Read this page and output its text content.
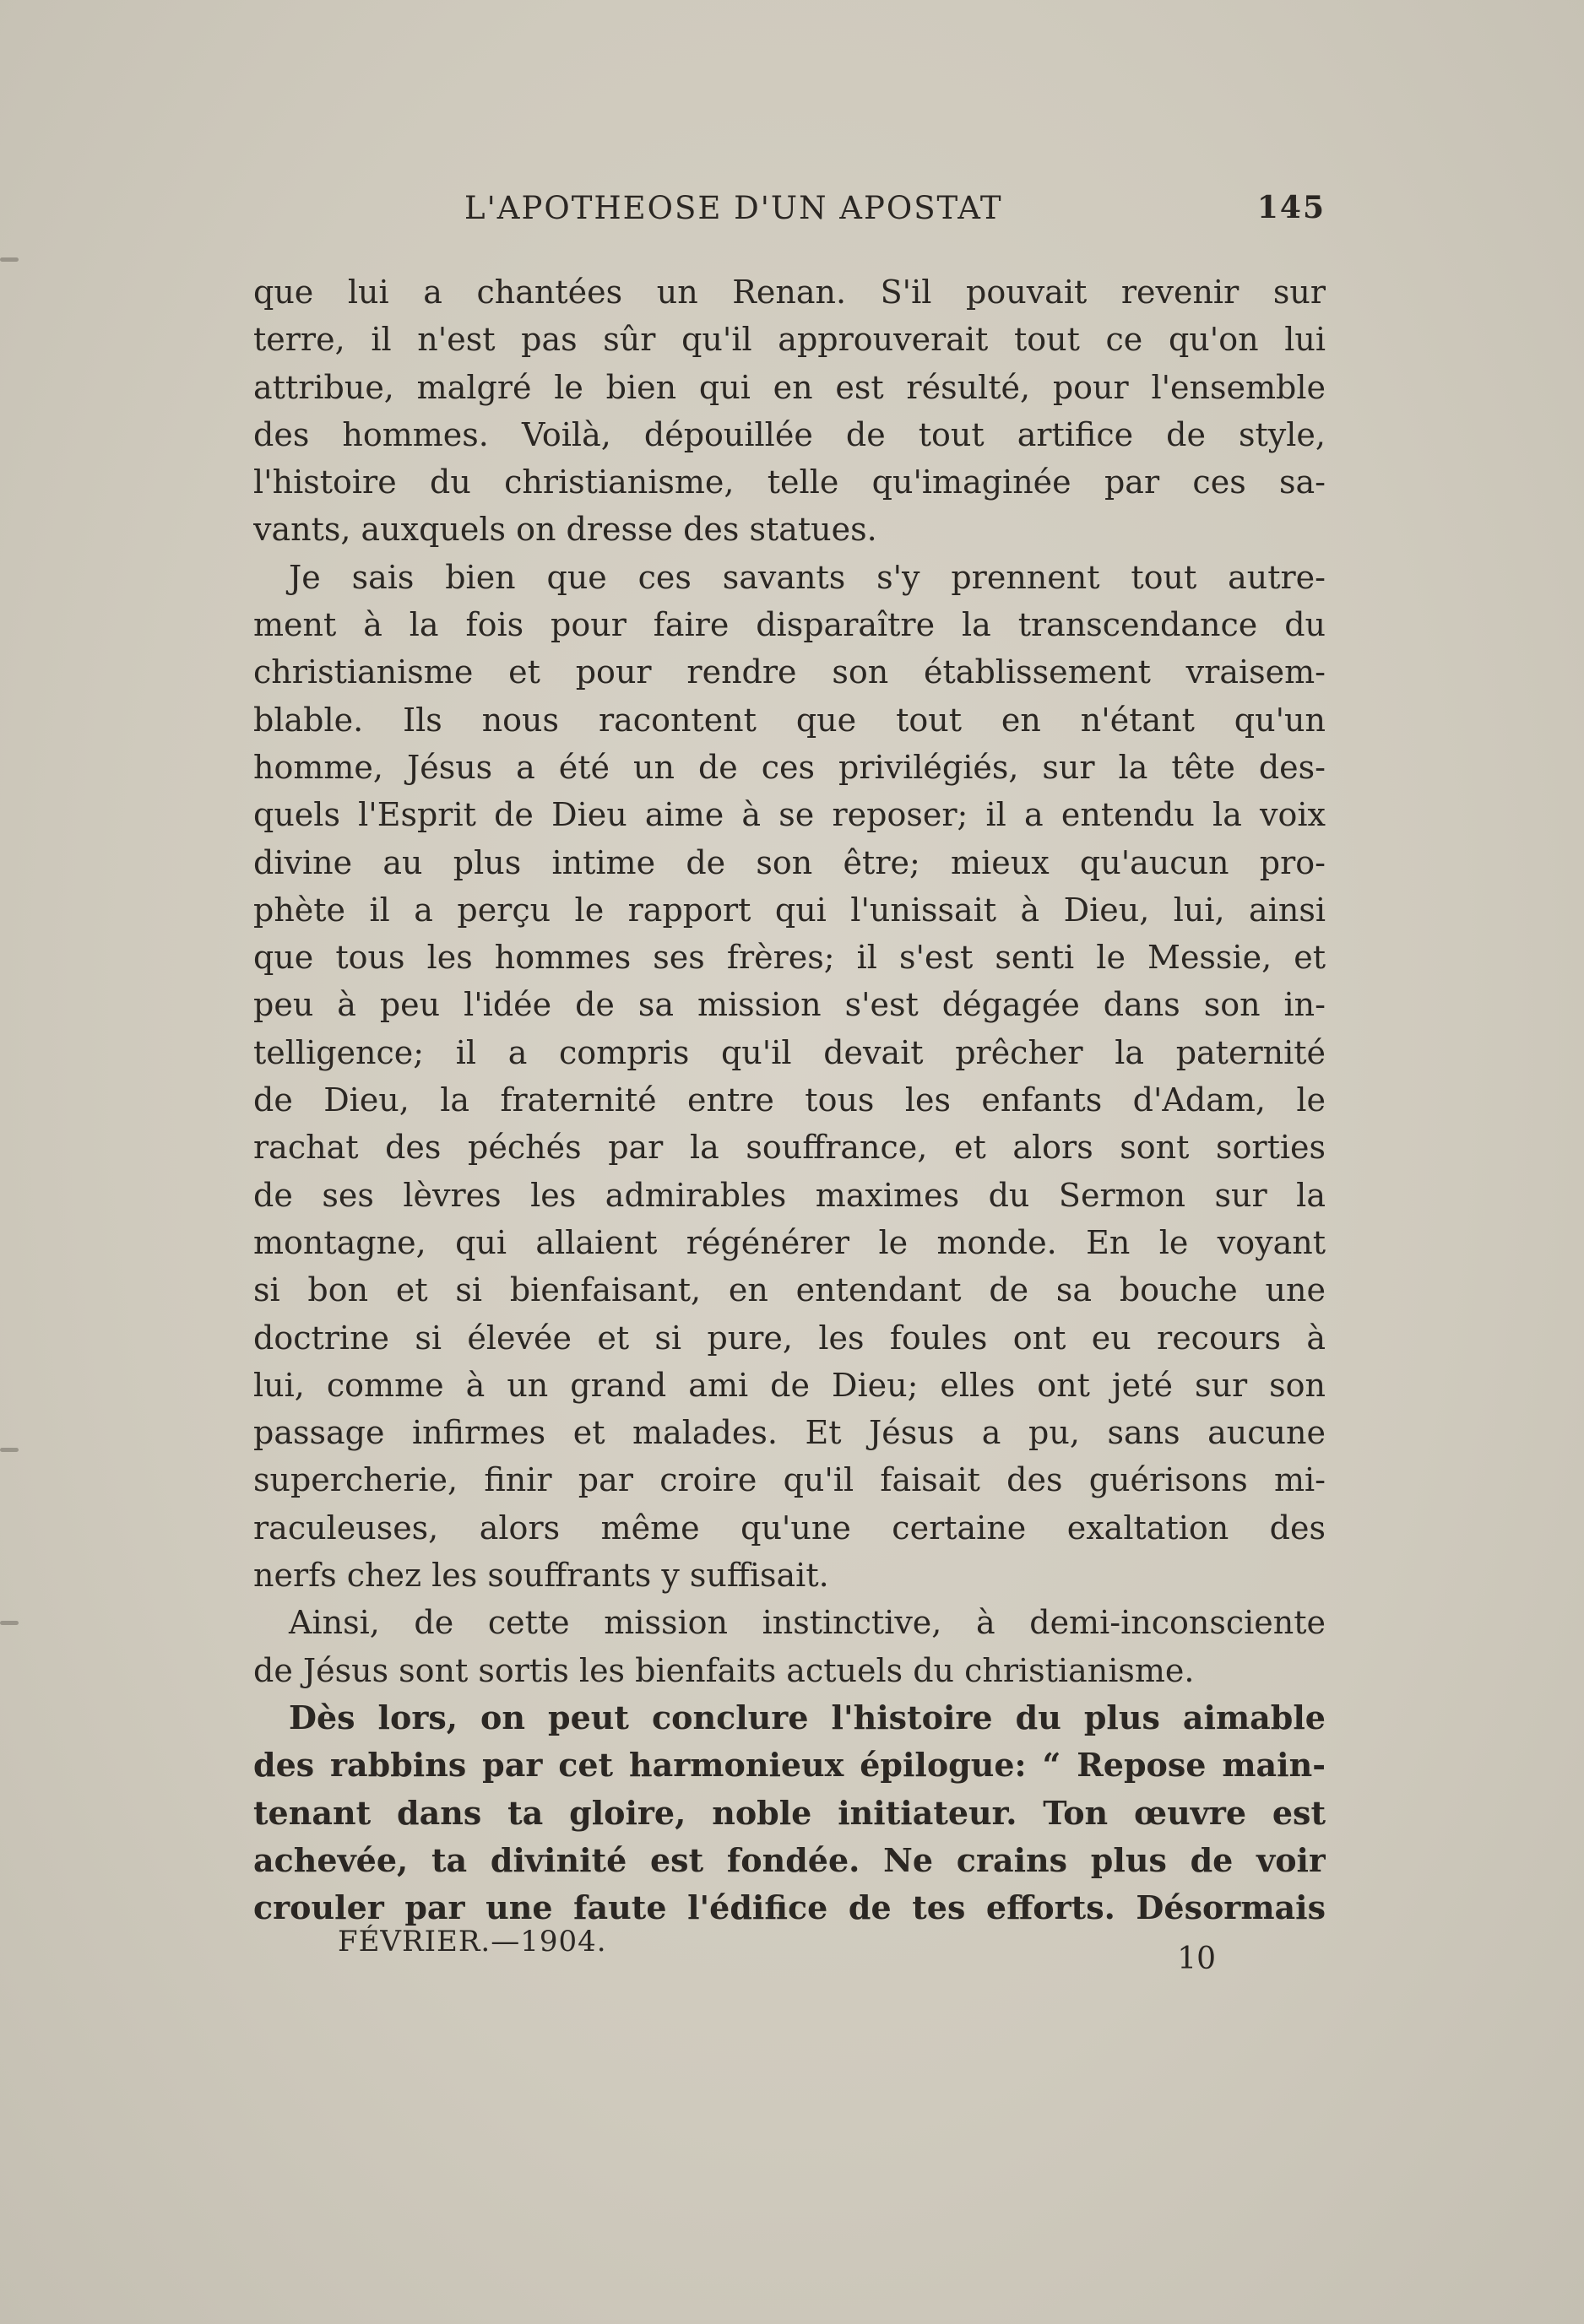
L'APOTHEOSE D'UN APOSTAT	145
que lui a chantées un Renan. S'il pouvait revenir sur
terre, il n'est pas sûr qu'il approuverait tout ce qu'on lui
attribue, malgré le bien qui en est résulté, pour l'ensemble
des hommes. Voilà, dépouillée de tout artifice de style,
l'histoire du christianisme, telle qu'imaginée par ces sa-
vants, auxquels on dresse des statues.
Je sais bien que ces savants s'y prennent tout autre-
ment à la fois pour faire disparaître la transcendance du
christianisme et pour rendre son établissement vraisem-
blable. Ils nous racontent que tout en n'étant qu'un
homme, Jésus a été un de ces privilégiés, sur la tête des-
quels l'Esprit de Dieu aime à se reposer; il a entendu la voix
divine au plus intime de son être; mieux qu'aucun pro-
phète il a perçu le rapport qui l'unissait à Dieu, lui, ainsi
que tous les hommes ses frères; il s'est senti le Messie, et
peu à peu l'idée de sa mission s'est dégagée dans son in-
telligence; il a compris qu'il devait prêcher la paternité
de Dieu, la fraternité entre tous les enfants d'Adam, le
rachat des péchés par la souffrance, et alors sont sorties
de ses lèvres les admirables maximes du Sermon sur la
montagne, qui allaient régénérer le monde. En le voyant
si bon et si bienfaisant, en entendant de sa bouche une
doctrine si élevée et si pure, les foules ont eu recours à
lui, comme à un grand ami de Dieu; elles ont jeté sur son
passage infirmes et malades. Et Jésus a pu, sans aucune
supercherie, finir par croire qu'il faisait des guérisons mi-
raculeuses, alors même qu'une certaine exaltation des
nerfs chez les souffrants y suffisait.
Ainsi, de cette mission instinctive, à demi-inconsciente
de Jésus sont sortis les bienfaits actuels du christianisme.
Dès lors, on peut conclure l'histoire du plus aimable
des rabbins par cet harmonieux épilogue: “ Repose main-
tenant dans ta gloire, noble initiateur. Ton œuvre est
achevée, ta divinité est fondée. Ne crains plus de voir
crouler par une faute l'édifice de tes efforts. Désormais
FÉVRIER.—1904.	10
